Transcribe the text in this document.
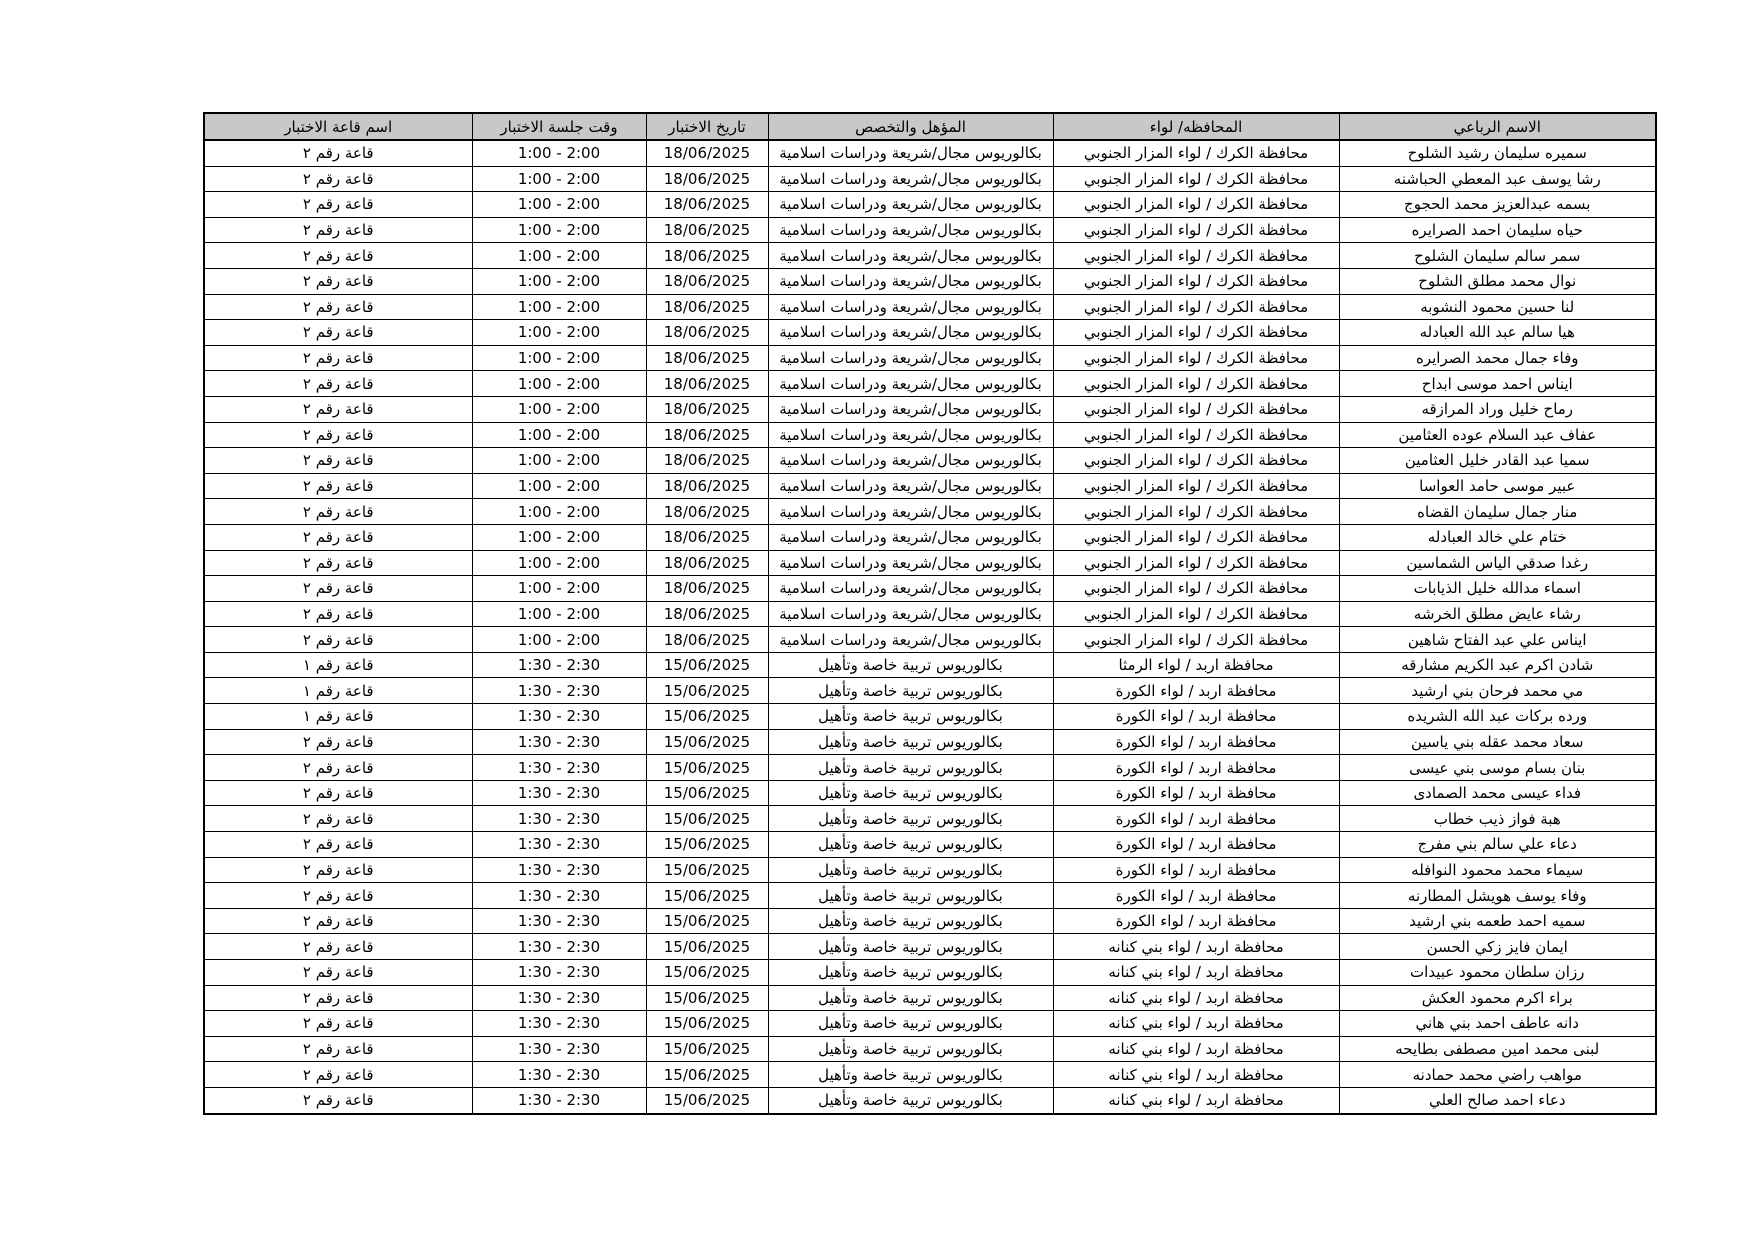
الاسم الرباعي	المحافظه/ لواء	المؤهل والتخصص	تاريخ الاختبار	وقت جلسة الاختبار	اسم قاعة الاختبار
سميره سليمان رشيد الشلوح	محافظة الكرك / لواء المزار الجنوبي	بكالوريوس مجال/شريعة ودراسات اسلامية	18/06/2025	1:00 - 2:00	قاعة رقم ٢
رشا يوسف عبد المعطي الحباشنه	محافظة الكرك / لواء المزار الجنوبي	بكالوريوس مجال/شريعة ودراسات اسلامية	18/06/2025	1:00 - 2:00	قاعة رقم ٢
بسمه عبدالعزيز محمد الحجوج	محافظة الكرك / لواء المزار الجنوبي	بكالوريوس مجال/شريعة ودراسات اسلامية	18/06/2025	1:00 - 2:00	قاعة رقم ٢
حياه سليمان احمد الصرايره	محافظة الكرك / لواء المزار الجنوبي	بكالوريوس مجال/شريعة ودراسات اسلامية	18/06/2025	1:00 - 2:00	قاعة رقم ٢
سمر سالم سليمان الشلوح	محافظة الكرك / لواء المزار الجنوبي	بكالوريوس مجال/شريعة ودراسات اسلامية	18/06/2025	1:00 - 2:00	قاعة رقم ٢
نوال محمد مطلق الشلوح	محافظة الكرك / لواء المزار الجنوبي	بكالوريوس مجال/شريعة ودراسات اسلامية	18/06/2025	1:00 - 2:00	قاعة رقم ٢
لنا حسين محمود النشوبه	محافظة الكرك / لواء المزار الجنوبي	بكالوريوس مجال/شريعة ودراسات اسلامية	18/06/2025	1:00 - 2:00	قاعة رقم ٢
هيا سالم عبد الله العبادله	محافظة الكرك / لواء المزار الجنوبي	بكالوريوس مجال/شريعة ودراسات اسلامية	18/06/2025	1:00 - 2:00	قاعة رقم ٢
وفاء جمال محمد الصرايره	محافظة الكرك / لواء المزار الجنوبي	بكالوريوس مجال/شريعة ودراسات اسلامية	18/06/2025	1:00 - 2:00	قاعة رقم ٢
ايناس احمد موسى ابداح	محافظة الكرك / لواء المزار الجنوبي	بكالوريوس مجال/شريعة ودراسات اسلامية	18/06/2025	1:00 - 2:00	قاعة رقم ٢
رماح خليل وراد المرازقه	محافظة الكرك / لواء المزار الجنوبي	بكالوريوس مجال/شريعة ودراسات اسلامية	18/06/2025	1:00 - 2:00	قاعة رقم ٢
عفاف عبد السلام عوده العثامين	محافظة الكرك / لواء المزار الجنوبي	بكالوريوس مجال/شريعة ودراسات اسلامية	18/06/2025	1:00 - 2:00	قاعة رقم ٢
سميا عبد القادر خليل العثامين	محافظة الكرك / لواء المزار الجنوبي	بكالوريوس مجال/شريعة ودراسات اسلامية	18/06/2025	1:00 - 2:00	قاعة رقم ٢
عبير موسى حامد العواسا	محافظة الكرك / لواء المزار الجنوبي	بكالوريوس مجال/شريعة ودراسات اسلامية	18/06/2025	1:00 - 2:00	قاعة رقم ٢
منار جمال سليمان القضاه	محافظة الكرك / لواء المزار الجنوبي	بكالوريوس مجال/شريعة ودراسات اسلامية	18/06/2025	1:00 - 2:00	قاعة رقم ٢
ختام علي خالد العبادله	محافظة الكرك / لواء المزار الجنوبي	بكالوريوس مجال/شريعة ودراسات اسلامية	18/06/2025	1:00 - 2:00	قاعة رقم ٢
رغدا صدقي الياس الشماسين	محافظة الكرك / لواء المزار الجنوبي	بكالوريوس مجال/شريعة ودراسات اسلامية	18/06/2025	1:00 - 2:00	قاعة رقم ٢
اسماء مدالله خليل الذيابات	محافظة الكرك / لواء المزار الجنوبي	بكالوريوس مجال/شريعة ودراسات اسلامية	18/06/2025	1:00 - 2:00	قاعة رقم ٢
رشاء عايض مطلق الخرشه	محافظة الكرك / لواء المزار الجنوبي	بكالوريوس مجال/شريعة ودراسات اسلامية	18/06/2025	1:00 - 2:00	قاعة رقم ٢
ايناس علي عبد الفتاح شاهين	محافظة الكرك / لواء المزار الجنوبي	بكالوريوس مجال/شريعة ودراسات اسلامية	18/06/2025	1:00 - 2:00	قاعة رقم ٢
شادن اكرم عبد الكريم مشارقه	محافظة اربد / لواء الرمثا	بكالوريوس تربية خاصة وتأهيل	15/06/2025	1:30 - 2:30	قاعة رقم ١
مي محمد فرحان بني ارشيد	محافظة اربد / لواء الكورة	بكالوريوس تربية خاصة وتأهيل	15/06/2025	1:30 - 2:30	قاعة رقم ١
ورده بركات عبد الله الشريده	محافظة اربد / لواء الكورة	بكالوريوس تربية خاصة وتأهيل	15/06/2025	1:30 - 2:30	قاعة رقم ١
سعاد محمد عقله بني ياسين	محافظة اربد / لواء الكورة	بكالوريوس تربية خاصة وتأهيل	15/06/2025	1:30 - 2:30	قاعة رقم ٢
بنان بسام موسى بني عيسى	محافظة اربد / لواء الكورة	بكالوريوس تربية خاصة وتأهيل	15/06/2025	1:30 - 2:30	قاعة رقم ٢
فداء عيسى محمد الصمادى	محافظة اربد / لواء الكورة	بكالوريوس تربية خاصة وتأهيل	15/06/2025	1:30 - 2:30	قاعة رقم ٢
هبة فواز ذيب خطاب	محافظة اربد / لواء الكورة	بكالوريوس تربية خاصة وتأهيل	15/06/2025	1:30 - 2:30	قاعة رقم ٢
دعاء علي سالم بني مفرج	محافظة اربد / لواء الكورة	بكالوريوس تربية خاصة وتأهيل	15/06/2025	1:30 - 2:30	قاعة رقم ٢
سيماء محمد محمود النوافله	محافظة اربد / لواء الكورة	بكالوريوس تربية خاصة وتأهيل	15/06/2025	1:30 - 2:30	قاعة رقم ٢
وفاء يوسف هويشل المطارنه	محافظة اربد / لواء الكورة	بكالوريوس تربية خاصة وتأهيل	15/06/2025	1:30 - 2:30	قاعة رقم ٢
سميه احمد طعمه بني ارشيد	محافظة اربد / لواء الكورة	بكالوريوس تربية خاصة وتأهيل	15/06/2025	1:30 - 2:30	قاعة رقم ٢
ايمان فايز زكي الحسن	محافظة اربد / لواء بني كنانه	بكالوريوس تربية خاصة وتأهيل	15/06/2025	1:30 - 2:30	قاعة رقم ٢
رزان سلطان محمود عبيدات	محافظة اربد / لواء بني كنانه	بكالوريوس تربية خاصة وتأهيل	15/06/2025	1:30 - 2:30	قاعة رقم ٢
براء اكرم محمود العكش	محافظة اربد / لواء بني كنانه	بكالوريوس تربية خاصة وتأهيل	15/06/2025	1:30 - 2:30	قاعة رقم ٢
دانه عاطف احمد بني هاني	محافظة اربد / لواء بني كنانه	بكالوريوس تربية خاصة وتأهيل	15/06/2025	1:30 - 2:30	قاعة رقم ٢
لبنى محمد امين مصطفى بطايحه	محافظة اربد / لواء بني كنانه	بكالوريوس تربية خاصة وتأهيل	15/06/2025	1:30 - 2:30	قاعة رقم ٢
مواهب راضي محمد حمادنه	محافظة اربد / لواء بني كنانه	بكالوريوس تربية خاصة وتأهيل	15/06/2025	1:30 - 2:30	قاعة رقم ٢
دعاء احمد صالح العلي	محافظة اربد / لواء بني كنانه	بكالوريوس تربية خاصة وتأهيل	15/06/2025	1:30 - 2:30	قاعة رقم ٢
